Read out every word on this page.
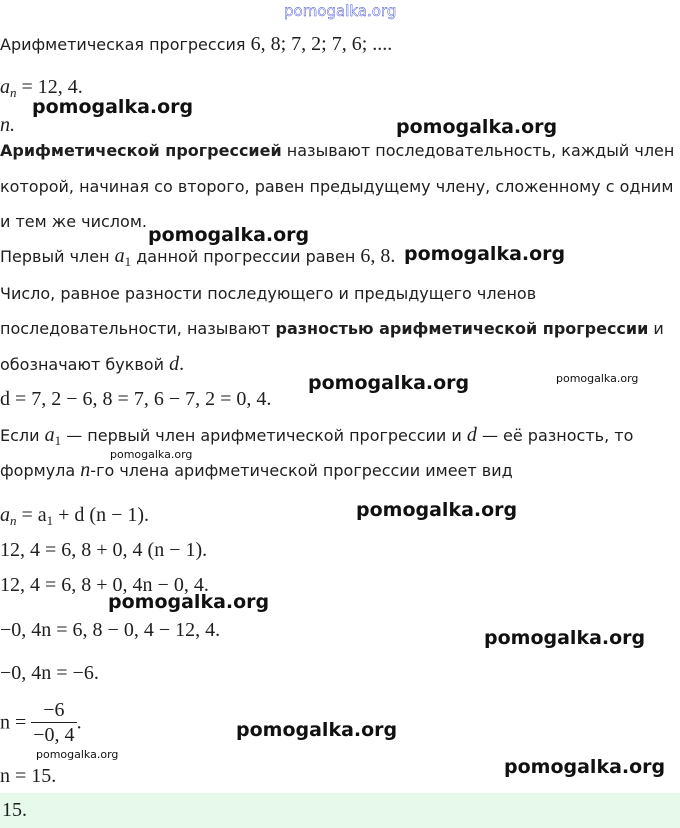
pomogalka.org
Арифметическая прогрессия 6, 8; 7, 2; 7, 6; ....
$a_n = 12$, 4.
n.
Арифметической прогрессией называют последовательность, каждый член
которой, начиная со второго, равен предыдущему члену, сложенному с одним
и тем же числом.
Первый член $a_1$ данной прогрессии равен 6, 8.
Число, равное разности последующего и предыдущего членов
последовательности, называют разностью арифметической прогрессии и
обозначают буквой d.
d = 7, 2 − 6, 8 = 7, 6 − 7, 2 = 0, 4.
Если $a_1$ — первый член арифметической прогрессии и d — её разность, то
формула n-го члена арифметической прогрессии имеет вид
$a_n = a_1 + d$ (n − 1).
12, 4 = 6, 8 + 0, 4 (n − 1).
12, 4 = 6, 8 + 0, 4n − 0, 4.
−0, 4n = 6, 8 − 0, 4 − 12, 4.
−0, 4n = −6.
$n = \frac{-6}{-0, 4}$ .
n = 15.
15.
pomogalka.org
pomogalka.org
pomogalka.org
pomogalka.org
pomogalka.org	pomogalka.org
pomogalka.org
pomogalka.org
pomogalka.org
pomogalka.org
pomogalka.org
pomogalka.org
pomogalka.org
